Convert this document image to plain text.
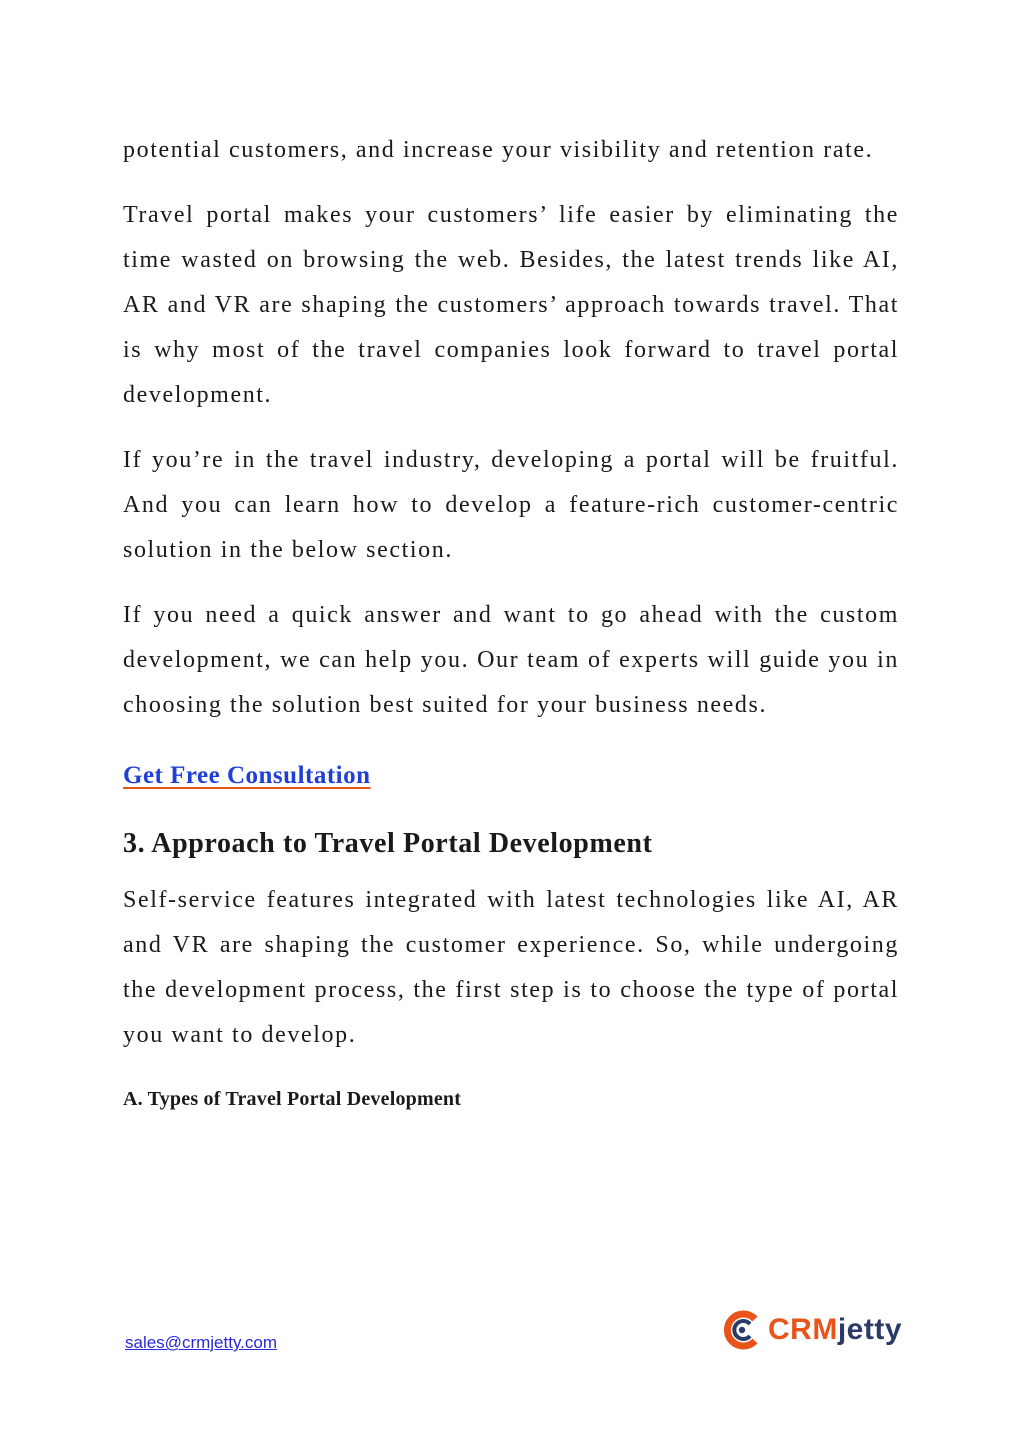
potential customers, and increase your visibility and retention rate.

Travel portal makes your customers’ life easier by eliminating the time wasted on browsing the web. Besides, the latest trends like AI, AR and VR are shaping the customers’ approach towards travel. That is why most of the travel companies look forward to travel portal development.

If you’re in the travel industry, developing a portal will be fruitful. And you can learn how to develop a feature-rich customer-centric solution in the below section.

If you need a quick answer and want to go ahead with the custom development, we can help you. Our team of experts will guide you in choosing the solution best suited for your business needs.

Get Free Consultation
3. Approach to Travel Portal Development

Self-service features integrated with latest technologies like AI, AR and VR are shaping the customer experience. So, while undergoing the development process, the first step is to choose the type of portal you want to develop.

A. Types of Travel Portal Development
sales@crmjetty.com	CRMjetty
